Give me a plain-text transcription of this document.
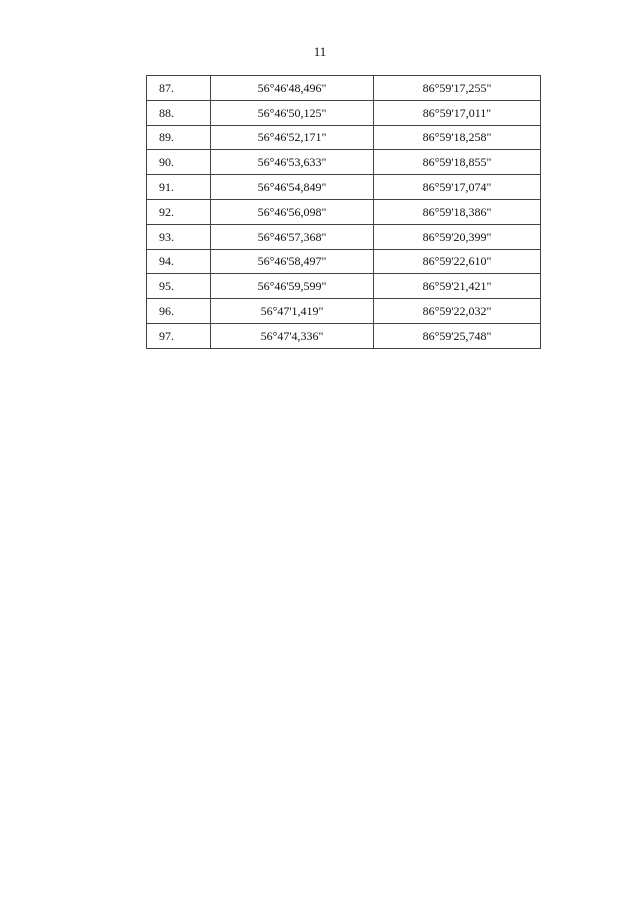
11
87.	56°46'48,496"	86°59'17,255"
88.	56°46'50,125"	86°59'17,011"
89.	56°46'52,171"	86°59'18,258"
90.	56°46'53,633"	86°59'18,855"
91.	56°46'54,849"	86°59'17,074"
92.	56°46'56,098"	86°59'18,386"
93.	56°46'57,368"	86°59'20,399"
94.	56°46'58,497"	86°59'22,610"
95.	56°46'59,599"	86°59'21,421"
96.	56°47'1,419"	86°59'22,032"
97.	56°47'4,336"	86°59'25,748"
